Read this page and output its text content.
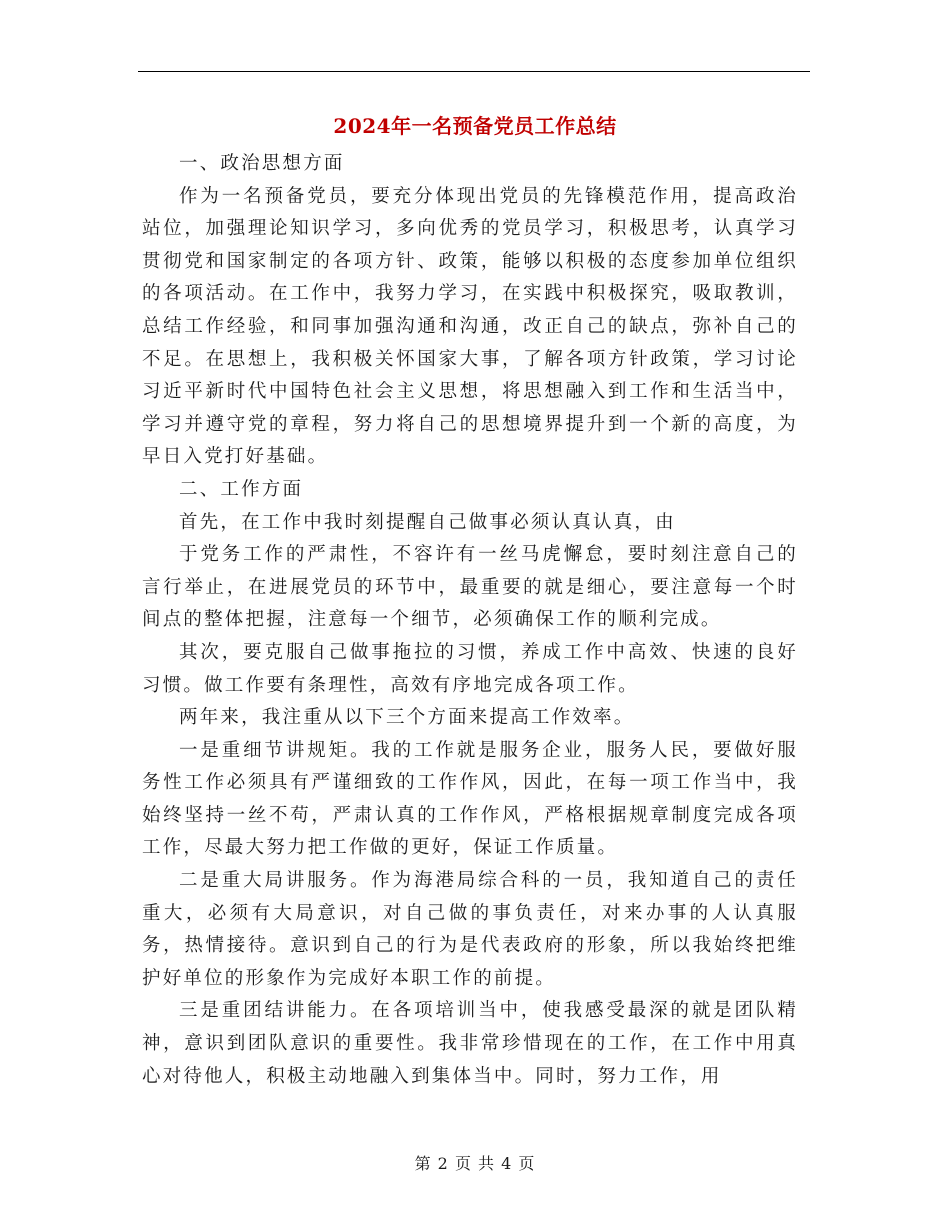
2024年一名预备党员工作总结

一、政治思想方面

作为一名预备党员，要充分体现出党员的先锋模范作用，提高政治站位，加强理论知识学习，多向优秀的党员学习，积极思考，认真学习贯彻党和国家制定的各项方针、政策，能够以积极的态度参加单位组织的各项活动。在工作中，我努力学习，在实践中积极探究，吸取教训，总结工作经验，和同事加强沟通和沟通，改正自己的缺点，弥补自己的不足。在思想上，我积极关怀国家大事，了解各项方针政策，学习讨论习近平新时代中国特色社会主义思想，将思想融入到工作和生活当中，学习并遵守党的章程，努力将自己的思想境界提升到一个新的高度，为早日入党打好基础。

二、工作方面

首先，在工作中我时刻提醒自己做事必须认真认真，由

于党务工作的严肃性，不容许有一丝马虎懈怠，要时刻注意自己的言行举止，在进展党员的环节中，最重要的就是细心，要注意每一个时间点的整体把握，注意每一个细节，必须确保工作的顺利完成。

其次，要克服自己做事拖拉的习惯，养成工作中高效、快速的良好习惯。做工作要有条理性，高效有序地完成各项工作。

两年来，我注重从以下三个方面来提高工作效率。

一是重细节讲规矩。我的工作就是服务企业，服务人民，要做好服务性工作必须具有严谨细致的工作作风，因此，在每一项工作当中，我始终坚持一丝不苟，严肃认真的工作作风，严格根据规章制度完成各项工作，尽最大努力把工作做的更好，保证工作质量。

二是重大局讲服务。作为海港局综合科的一员，我知道自己的责任重大，必须有大局意识，对自己做的事负责任，对来办事的人认真服务，热情接待。意识到自己的行为是代表政府的形象，所以我始终把维护好单位的形象作为完成好本职工作的前提。

三是重团结讲能力。在各项培训当中，使我感受最深的就是团队精神，意识到团队意识的重要性。我非常珍惜现在的工作，在工作中用真心对待他人，积极主动地融入到集体当中。同时，努力工作，用

第 2 页 共 4 页
